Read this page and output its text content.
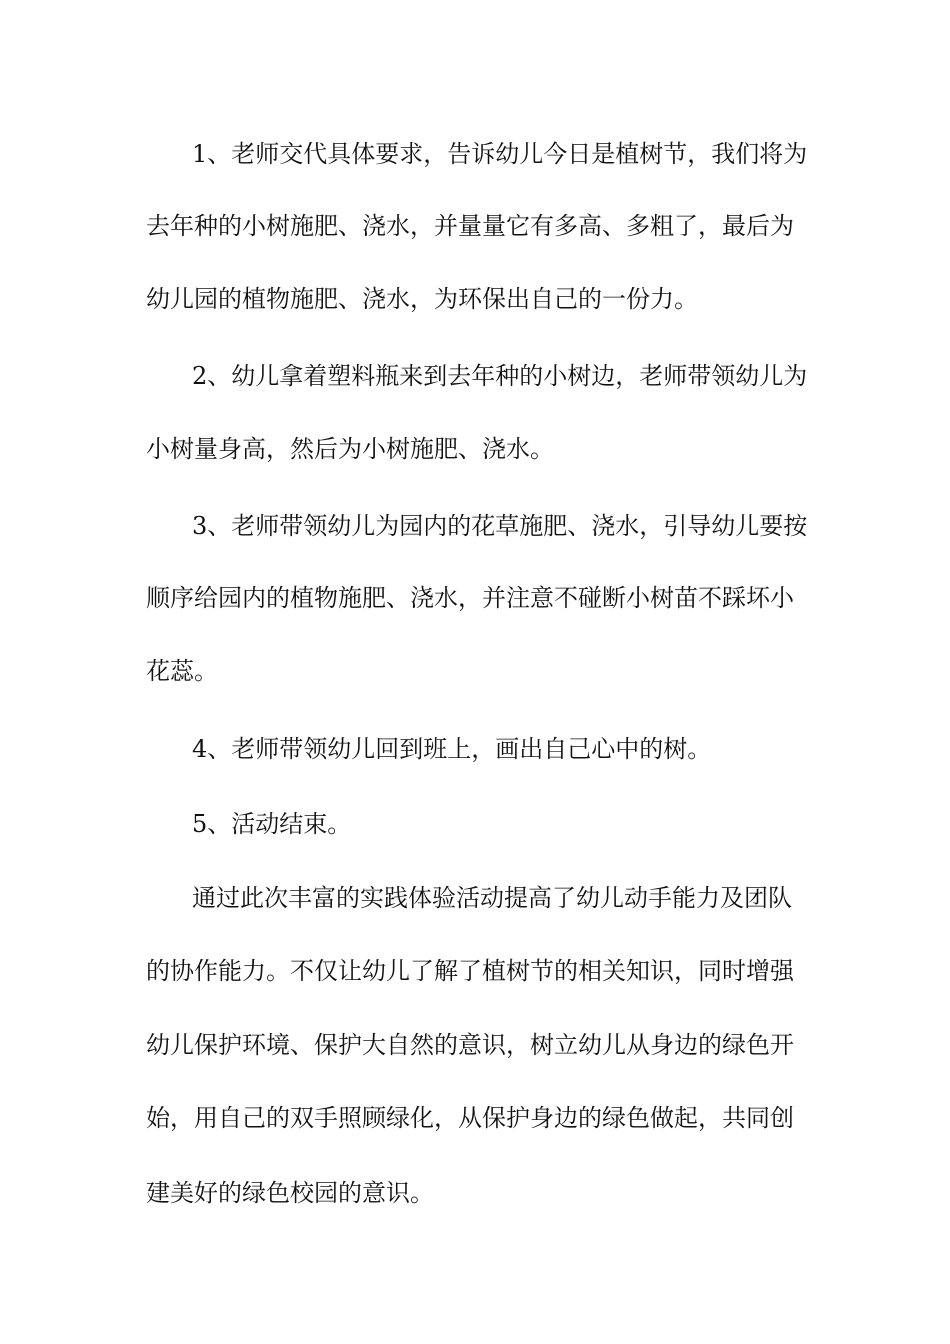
1、老师交代具体要求，告诉幼儿今日是植树节，我们将为

去年种的小树施肥、浇水，并量量它有多高、多粗了，最后为

幼儿园的植物施肥、浇水，为环保出自己的一份力。

2、幼儿拿着塑料瓶来到去年种的小树边，老师带领幼儿为

小树量身高，然后为小树施肥、浇水。

3、老师带领幼儿为园内的花草施肥、浇水，引导幼儿要按

顺序给园内的植物施肥、浇水，并注意不碰断小树苗不踩坏小

花蕊。

4、老师带领幼儿回到班上，画出自己心中的树。

5、活动结束。

通过此次丰富的实践体验活动提高了幼儿动手能力及团队

的协作能力。不仅让幼儿了解了植树节的相关知识，同时增强

幼儿保护环境、保护大自然的意识，树立幼儿从身边的绿色开

始，用自己的双手照顾绿化，从保护身边的绿色做起，共同创

建美好的绿色校园的意识。
